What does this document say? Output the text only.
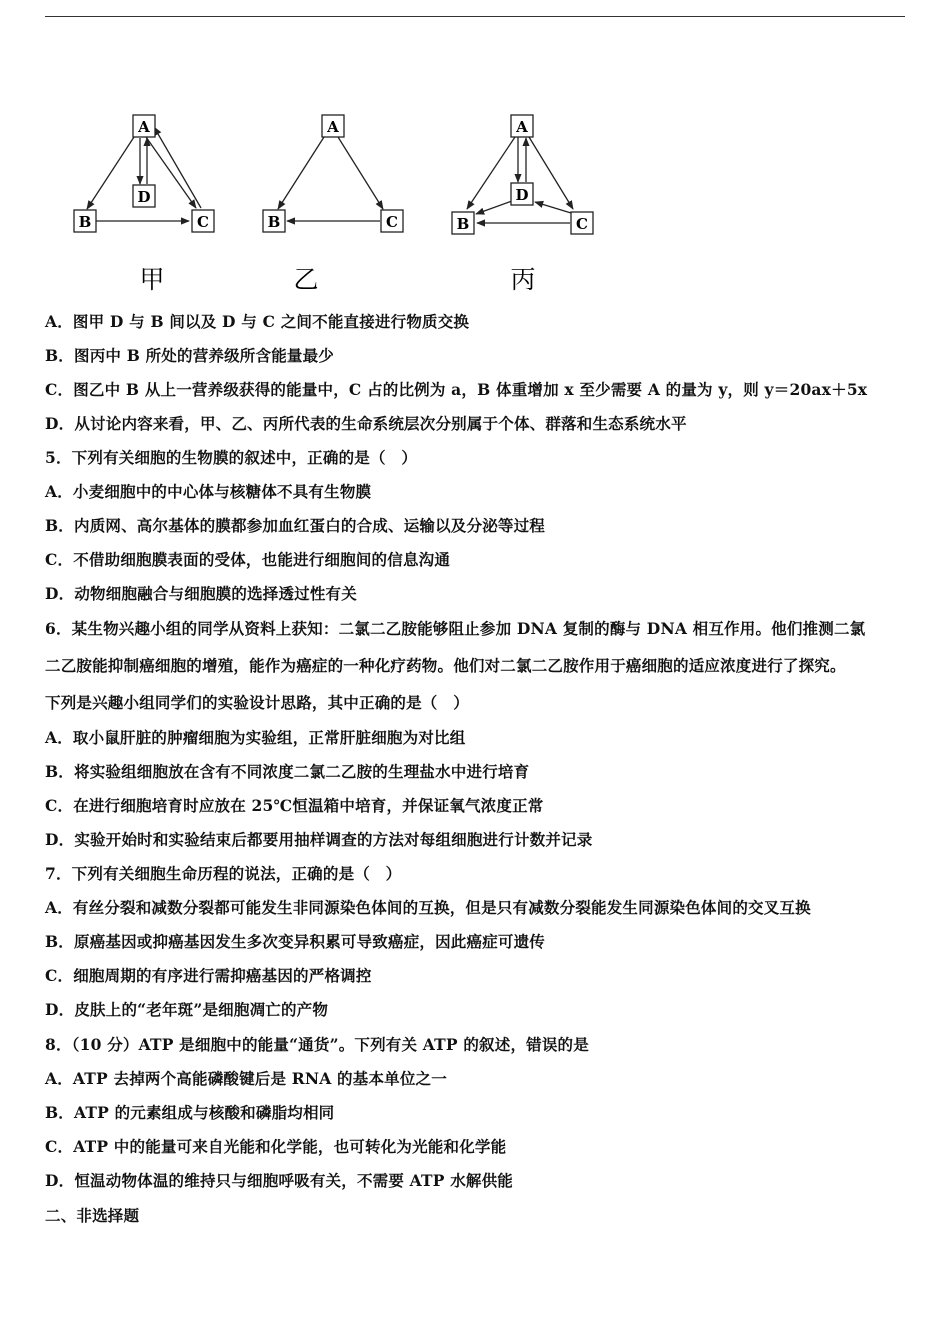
A
D
B	C
甲
A
B	C
乙
A
D
B	C
丙
A．图甲 D 与 B 间以及 D 与 C 之间不能直接进行物质交换
B．图丙中 B 所处的营养级所含能量最少
C．图乙中 B 从上一营养级获得的能量中，C 占的比例为 a，B 体重增加 x 至少需要 A 的量为 y，则 y＝20ax＋5x
D．从讨论内容来看，甲、乙、丙所代表的生命系统层次分别属于个体、群落和生态系统水平
5．下列有关细胞的生物膜的叙述中，正确的是（　）
A．小麦细胞中的中心体与核糖体不具有生物膜
B．内质网、高尔基体的膜都参加血红蛋白的合成、运输以及分泌等过程
C．不借助细胞膜表面的受体，也能进行细胞间的信息沟通
D．动物细胞融合与细胞膜的选择透过性有关
6．某生物兴趣小组的同学从资料上获知：二氯二乙胺能够阻止参加 DNA 复制的酶与 DNA 相互作用。他们推测二氯
二乙胺能抑制癌细胞的增殖，能作为癌症的一种化疗药物。他们对二氯二乙胺作用于癌细胞的适应浓度进行了探究。
下列是兴趣小组同学们的实验设计思路，其中正确的是（　）
A．取小鼠肝脏的肿瘤细胞为实验组，正常肝脏细胞为对比组
B．将实验组细胞放在含有不同浓度二氯二乙胺的生理盐水中进行培育
C．在进行细胞培育时应放在 25℃恒温箱中培育，并保证氧气浓度正常
D．实验开始时和实验结束后都要用抽样调查的方法对每组细胞进行计数并记录
7．下列有关细胞生命历程的说法，正确的是（　）
A．有丝分裂和减数分裂都可能发生非同源染色体间的互换，但是只有减数分裂能发生同源染色体间的交叉互换
B．原癌基因或抑癌基因发生多次变异积累可导致癌症，因此癌症可遗传
C．细胞周期的有序进行需抑癌基因的严格调控
D．皮肤上的“老年斑”是细胞凋亡的产物
8．（10 分）ATP 是细胞中的能量“通货”。下列有关 ATP 的叙述，错误的是
A．ATP 去掉两个高能磷酸键后是 RNA 的基本单位之一
B．ATP 的元素组成与核酸和磷脂均相同
C．ATP 中的能量可来自光能和化学能，也可转化为光能和化学能
D．恒温动物体温的维持只与细胞呼吸有关，不需要 ATP 水解供能
二、非选择题
